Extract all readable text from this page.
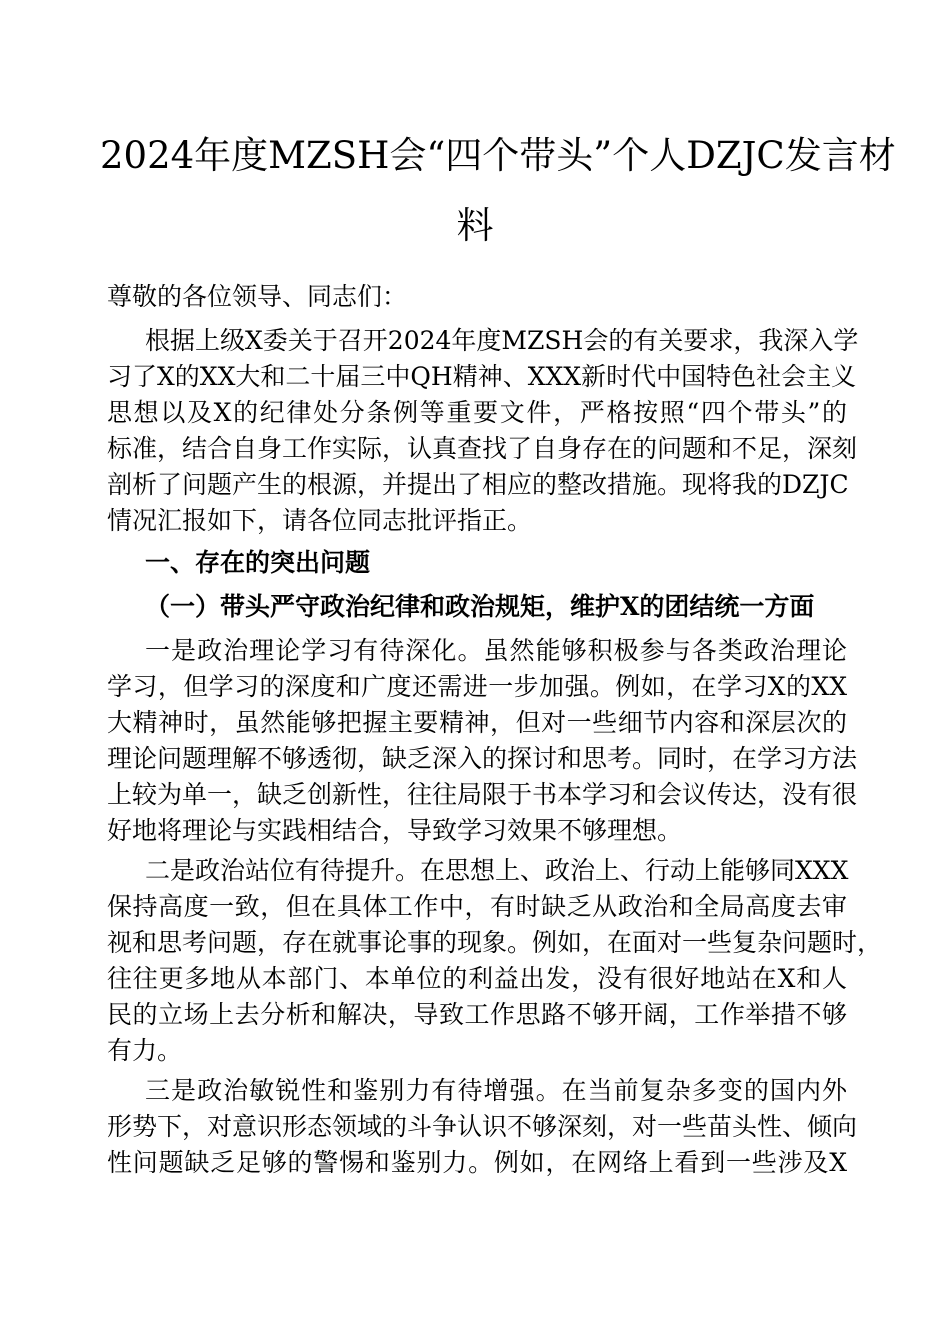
2024年度MZSH会“四个带头”个人DZJC发言材
料
尊敬的各位领导、同志们：
根据上级X委关于召开2024年度MZSH会的有关要求，我深入学
习了X的XX大和二十届三中QH精神、XXX新时代中国特色社会主义
思想以及X的纪律处分条例等重要文件，严格按照“四个带头”的
标准，结合自身工作实际，认真查找了自身存在的问题和不足，深刻
剖析了问题产生的根源，并提出了相应的整改措施。现将我的DZJC
情况汇报如下，请各位同志批评指正。
一、存在的突出问题
（一）带头严守政治纪律和政治规矩，维护X的团结统一方面
一是政治理论学习有待深化。虽然能够积极参与各类政治理论
学习，但学习的深度和广度还需进一步加强。例如，在学习X的XX
大精神时，虽然能够把握主要精神，但对一些细节内容和深层次的
理论问题理解不够透彻，缺乏深入的探讨和思考。同时，在学习方法
上较为单一，缺乏创新性，往往局限于书本学习和会议传达，没有很
好地将理论与实践相结合，导致学习效果不够理想。
二是政治站位有待提升。在思想上、政治上、行动上能够同XXX
保持高度一致，但在具体工作中，有时缺乏从政治和全局高度去审
视和思考问题，存在就事论事的现象。例如，在面对一些复杂问题时，
往往更多地从本部门、本单位的利益出发，没有很好地站在X和人
民的立场上去分析和解决，导致工作思路不够开阔，工作举措不够
有力。
三是政治敏锐性和鉴别力有待增强。在当前复杂多变的国内外
形势下，对意识形态领域的斗争认识不够深刻，对一些苗头性、倾向
性问题缺乏足够的警惕和鉴别力。例如，在网络上看到一些涉及X
